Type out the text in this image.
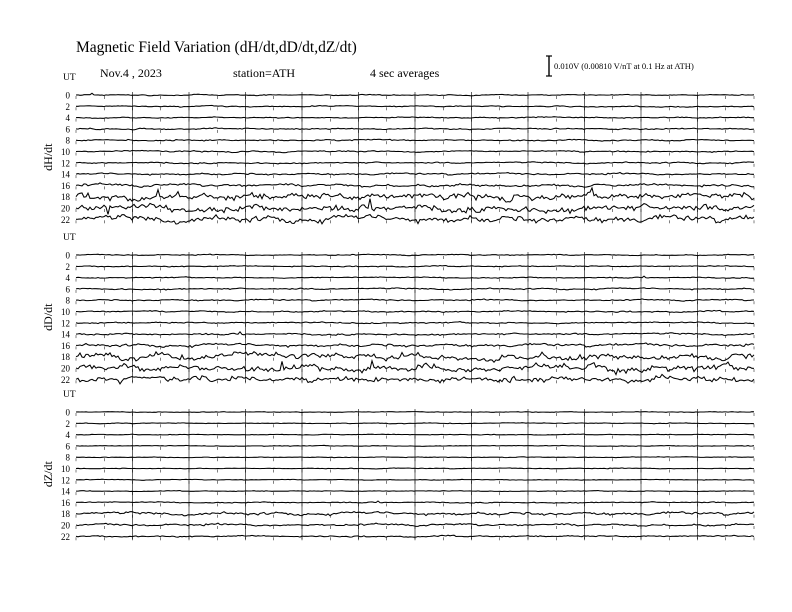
Magnetic Field Variation (dH/dt,dD/dt,dZ/dt)
Nov.4 , 2023	station=ATH	4 sec averages	0.010V (0.00810 V/nT at 0.1 Hz at ATH)
UT
dH/dt
0
2
4
6
8
10
12
14
16
18
20
22
UT
dD/dt
0
2
4
6
8
10
12
14
16
18
20
22
UT
dZ/dt
0
2
4
6
8
10
12
14
16
18
20
22
